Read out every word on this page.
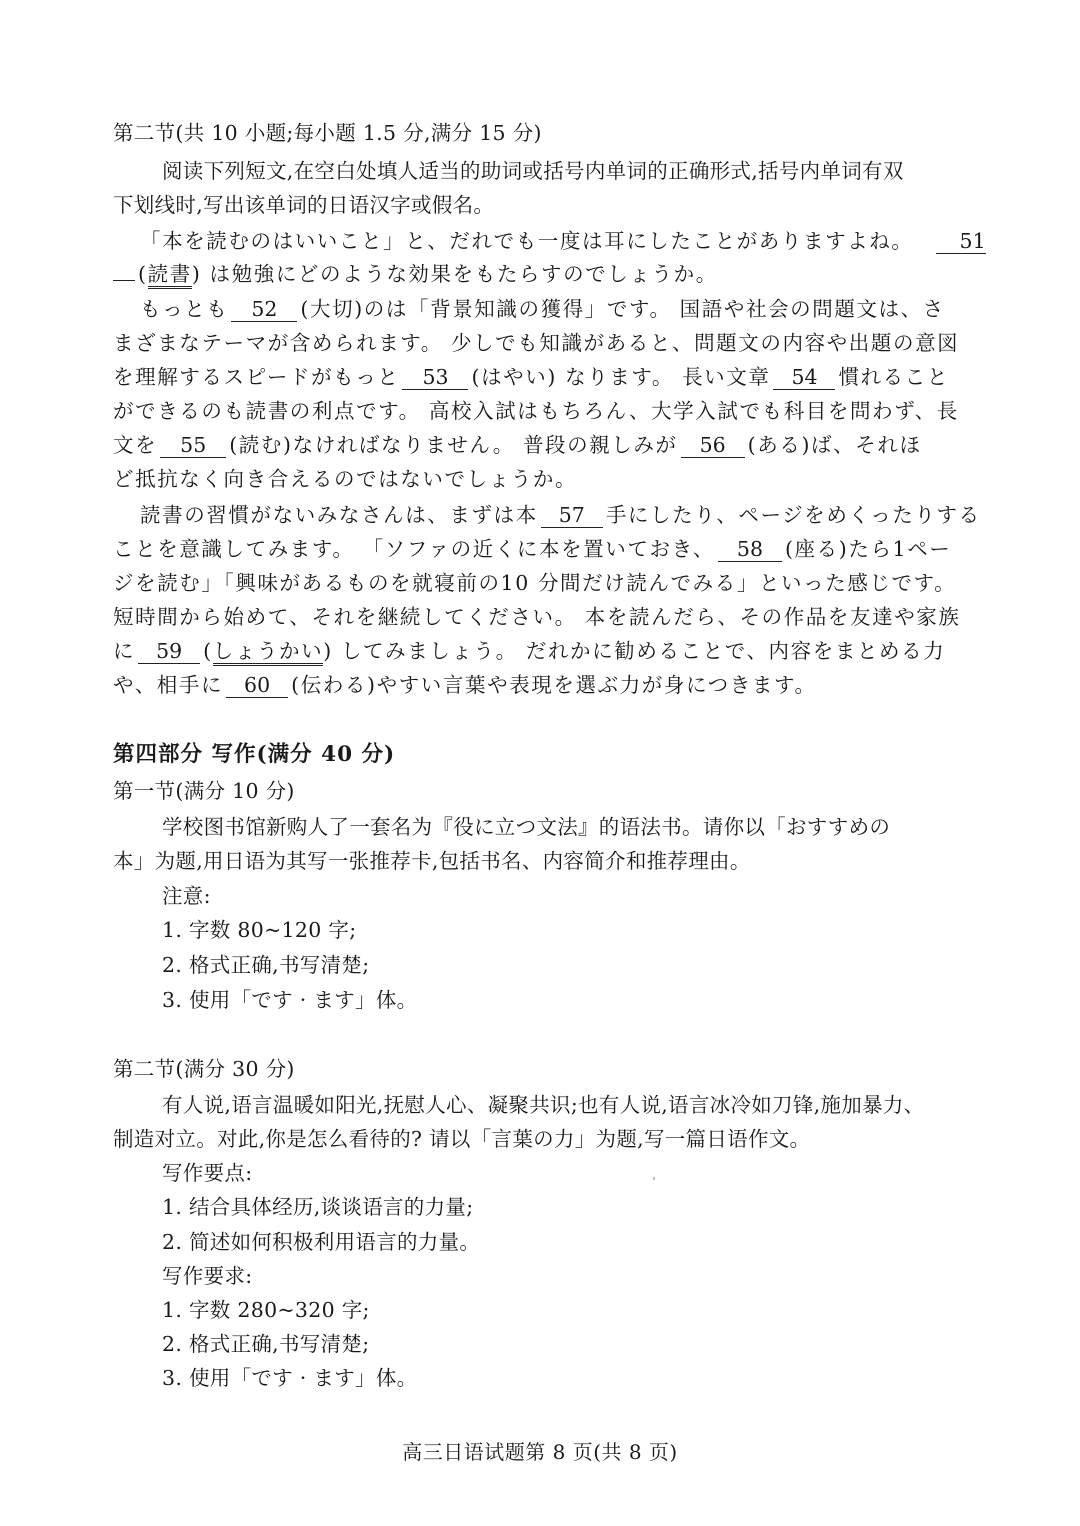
第二节(共 10 小题;每小题 1.5 分,满分 15 分)
阅读下列短文,在空白处填人适当的助词或括号内单词的正确形式,括号内单词有双
下划线时,写出该单词的日语汉字或假名。
「本を読むのはいいこと」と、だれでも一度は耳にしたことがありますよね。 51
(読書) は勉強にどのような効果をもたらすのでしょうか。
もっとも 52 (大切)のは「背景知識の獲得」です。 国語や社会の問題文は、さ
まざまなテーマが含められます。 少しでも知識があると、問題文の内容や出題の意図
を理解するスピードがもっと 53 (はやい) なります。 長い文章 54 慣れること
ができるのも読書の利点です。 高校入試はもちろん、大学入試でも科目を問わず、長
文を 55 (読む)なければなりません。 普段の親しみが 56 (ある)ば、それほ
ど抵抗なく向き合えるのではないでしょうか。
読書の習慣がないみなさんは、まずは本 57 手にしたり、ページをめくったりする
ことを意識してみます。 「ソファの近くに本を置いておき、 58 (座る)たら1ペー
ジを読む」「興味があるものを就寝前の10 分間だけ読んでみる」といった感じです。
短時間から始めて、それを継続してください。 本を読んだら、その作品を友達や家族
に 59 (しょうかい) してみましょう。 だれかに勧めることで、内容をまとめる力
や、相手に 60 (伝わる)やすい言葉や表現を選ぶ力が身につきます。
第四部分 写作(满分 40 分)
第一节(满分 10 分)
学校图书馆新购人了一套名为『役に立つ文法』的语法书。请你以「おすすめの
本」为题,用日语为其写一张推荐卡,包括书名、内容简介和推荐理由。
注意:
1. 字数 80~120 字;
2. 格式正确,书写清楚;
3. 使用「です · ます」体。
第二节(满分 30 分)
有人说,语言温暖如阳光,抚慰人心、凝聚共识;也有人说,语言冰冷如刀锋,施加暴力、
制造对立。对此,你是怎么看待的? 请以「言葉の力」为题,写一篇日语作文。
写作要点:
1. 结合具体经历,谈谈语言的力量;
2. 简述如何积极利用语言的力量。
写作要求:
1. 字数 280~320 字;
2. 格式正确,书写清楚;
3. 使用「です · ます」体。
高三日语试题第 8 页(共 8 页)
